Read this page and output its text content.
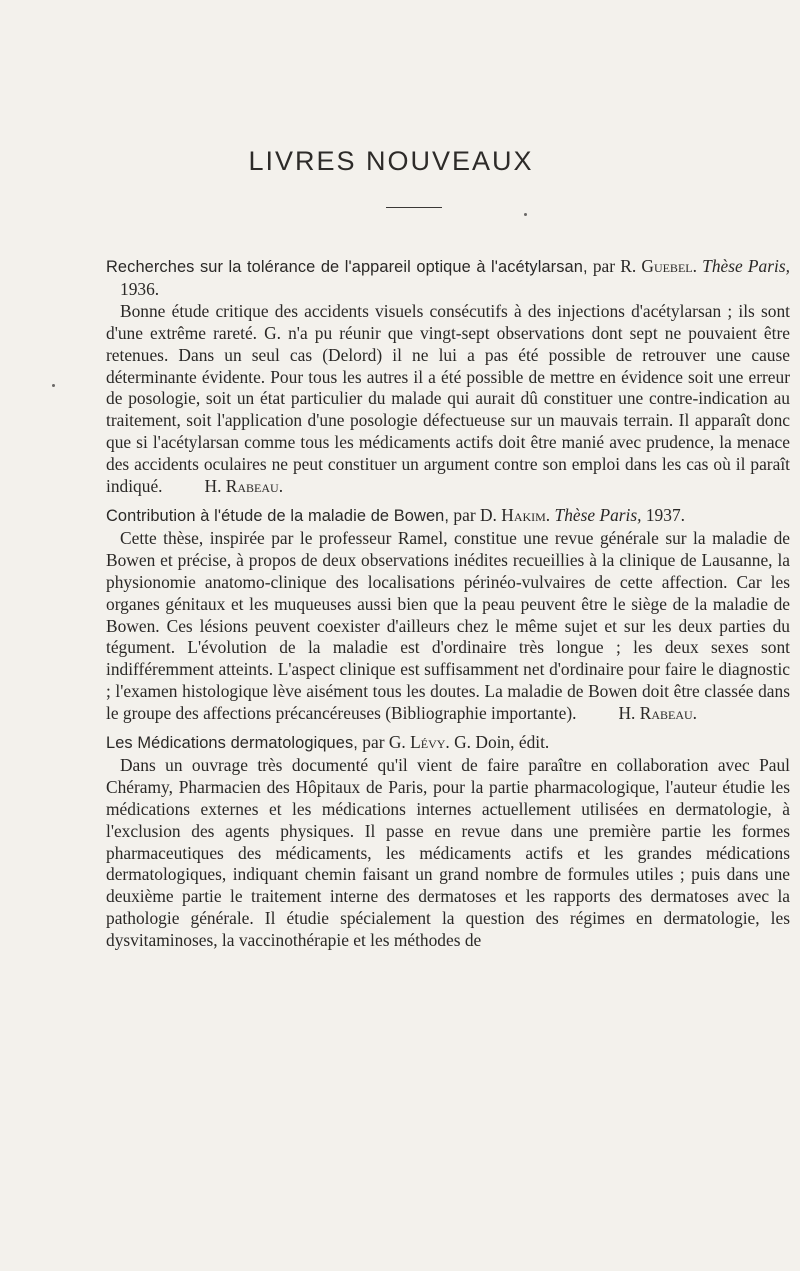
LIVRES NOUVEAUX

Recherches sur la tolérance de l'appareil optique à l'acétylarsan, par R. Guebel. Thèse Paris, 1936.

Bonne étude critique des accidents visuels consécutifs à des injections d'acétylarsan ; ils sont d'une extrême rareté. G. n'a pu réunir que vingt-sept observations dont sept ne pouvaient être retenues. Dans un seul cas (Delord) il ne lui a pas été possible de retrouver une cause déterminante évidente. Pour tous les autres il a été possible de mettre en évidence soit une erreur de posologie, soit un état particulier du malade qui aurait dû constituer une contre-indication au traitement, soit l'application d'une posologie défectueuse sur un mauvais terrain. Il apparaît donc que si l'acétylarsan comme tous les médicaments actifs doit être manié avec prudence, la menace des accidents oculaires ne peut constituer un argument contre son emploi dans les cas où il paraît indiqué. H. Rabeau.

Contribution à l'étude de la maladie de Bowen, par D. Hakim. Thèse Paris, 1937.

Cette thèse, inspirée par le professeur Ramel, constitue une revue générale sur la maladie de Bowen et précise, à propos de deux observations inédites recueillies à la clinique de Lausanne, la physionomie anatomo-clinique des localisations périnéo-vulvaires de cette affection. Car les organes génitaux et les muqueuses aussi bien que la peau peuvent être le siège de la maladie de Bowen. Ces lésions peuvent coexister d'ailleurs chez le même sujet et sur les deux parties du tégument. L'évolution de la maladie est d'ordinaire très longue ; les deux sexes sont indifféremment atteints. L'aspect clinique est suffisamment net d'ordinaire pour faire le diagnostic ; l'examen histologique lève aisément tous les doutes. La maladie de Bowen doit être classée dans le groupe des affections précancéreuses (Bibliographie importante). H. Rabeau.

Les Médications dermatologiques, par G. Lévy. G. Doin, édit.

Dans un ouvrage très documenté qu'il vient de faire paraître en collaboration avec Paul Chéramy, Pharmacien des Hôpitaux de Paris, pour la partie pharmacologique, l'auteur étudie les médications externes et les médications internes actuellement utilisées en dermatologie, à l'exclusion des agents physiques. Il passe en revue dans une première partie les formes pharmaceutiques des médicaments, les médicaments actifs et les grandes médications dermatologiques, indiquant chemin faisant un grand nombre de formules utiles ; puis dans une deuxième partie le traitement interne des dermatoses et les rapports des dermatoses avec la pathologie générale. Il étudie spécialement la question des régimes en dermatologie, les dysvitaminoses, la vaccinothérapie et les méthodes de
